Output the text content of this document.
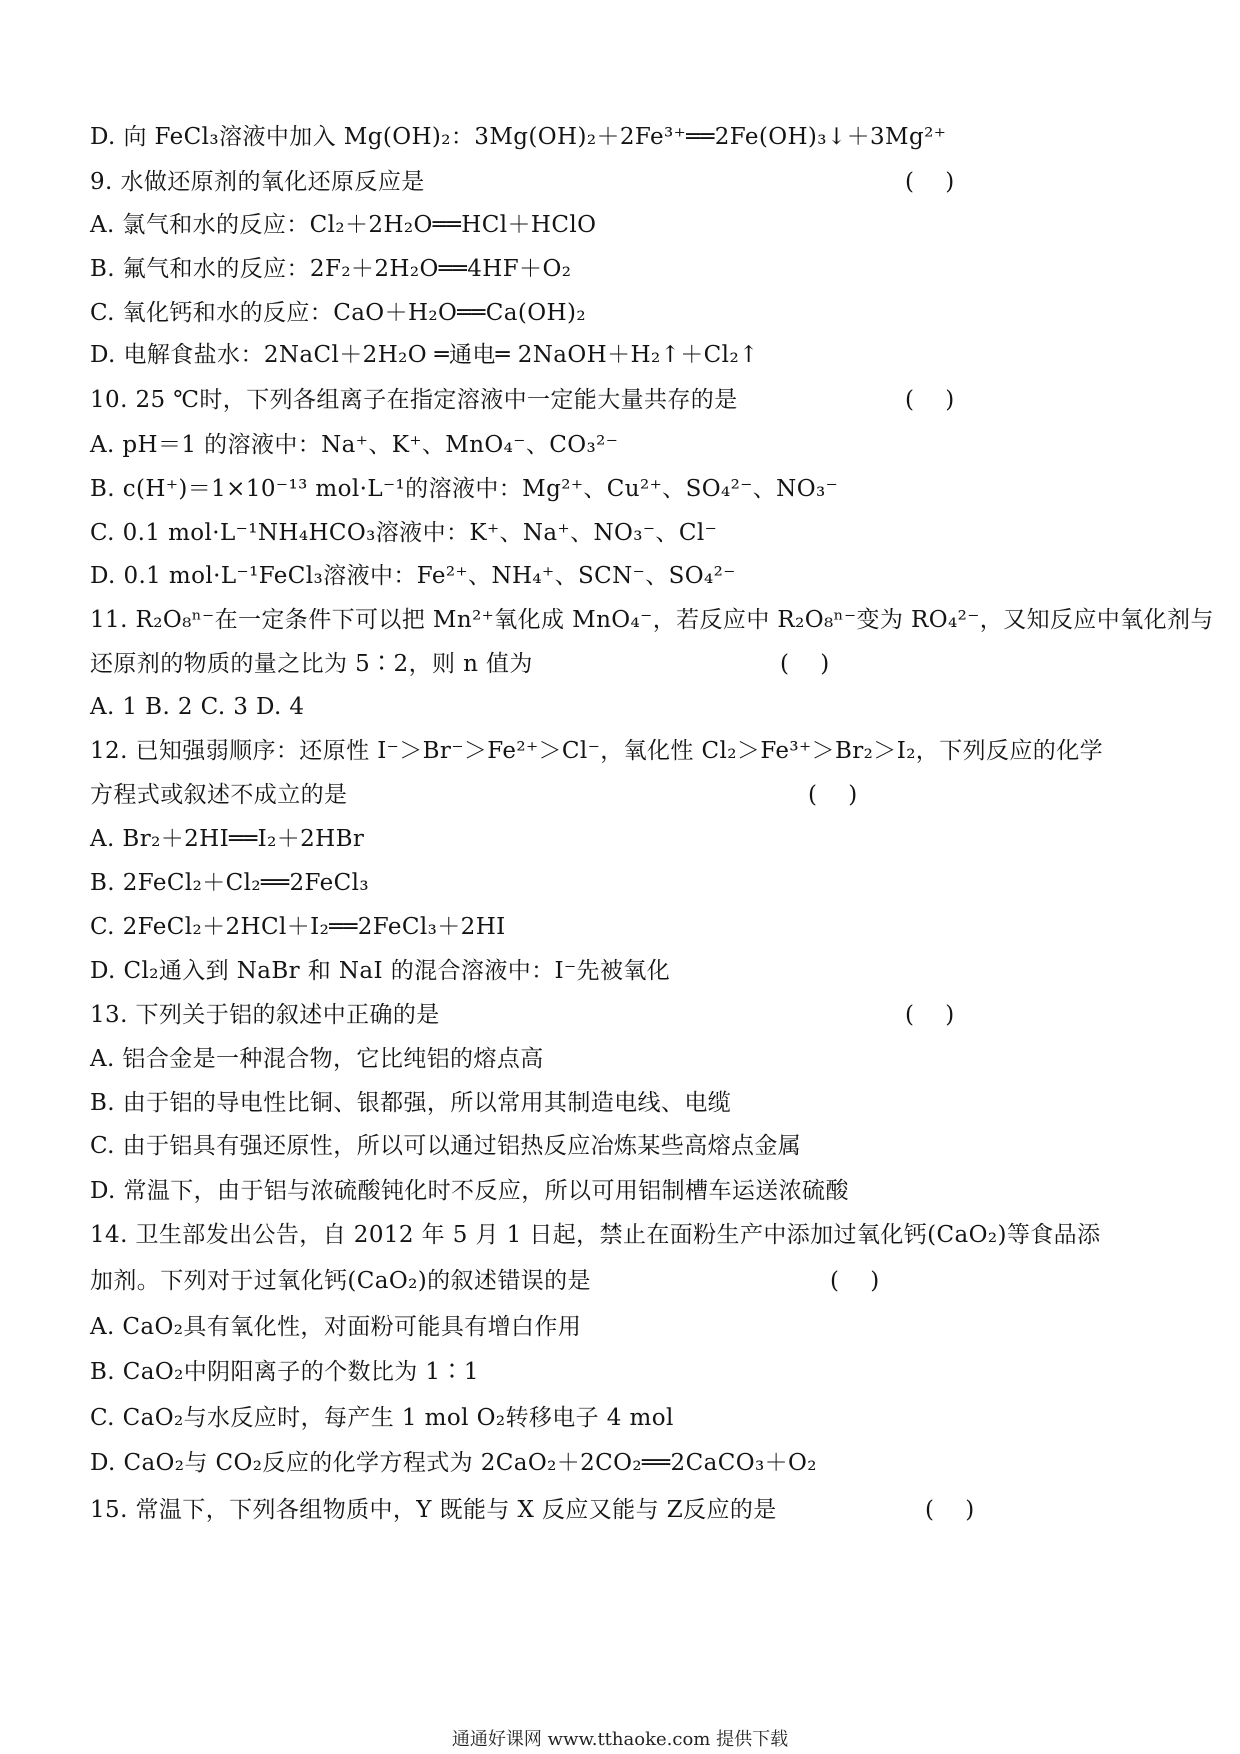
D. 向 FeCl₃溶液中加入 Mg(OH)₂：3Mg(OH)₂＋2Fe³⁺══2Fe(OH)₃↓＋3Mg²⁺
9. 水做还原剂的氧化还原反应是	(    )
A. 氯气和水的反应：Cl₂＋2H₂O══HCl＋HClO
B. 氟气和水的反应：2F₂＋2H₂O══4HF＋O₂
C. 氧化钙和水的反应：CaO＋H₂O══Ca(OH)₂
D. 电解食盐水：2NaCl＋2H₂O ═通电═ 2NaOH＋H₂↑＋Cl₂↑
10. 25 ℃时，下列各组离子在指定溶液中一定能大量共存的是	(    )
A. pH＝1 的溶液中：Na⁺、K⁺、MnO₄⁻、CO₃²⁻
B. c(H⁺)＝1×10⁻¹³ mol·L⁻¹的溶液中：Mg²⁺、Cu²⁺、SO₄²⁻、NO₃⁻
C. 0.1 mol·L⁻¹NH₄HCO₃溶液中：K⁺、Na⁺、NO₃⁻、Cl⁻
D. 0.1 mol·L⁻¹FeCl₃溶液中：Fe²⁺、NH₄⁺、SCN⁻、SO₄²⁻
11. R₂O₈ⁿ⁻在一定条件下可以把 Mn²⁺氧化成 MnO₄⁻，若反应中 R₂O₈ⁿ⁻变为 RO₄²⁻，又知反应中氧化剂与
还原剂的物质的量之比为 5∶2，则 n 值为	(    )
A. 1 B. 2 C. 3 D. 4
12. 已知强弱顺序：还原性 I⁻＞Br⁻＞Fe²⁺＞Cl⁻，氧化性 Cl₂＞Fe³⁺＞Br₂＞I₂，下列反应的化学
方程式或叙述不成立的是	(    )
A. Br₂＋2HI══I₂＋2HBr
B. 2FeCl₂＋Cl₂══2FeCl₃
C. 2FeCl₂＋2HCl＋I₂══2FeCl₃＋2HI
D. Cl₂通入到 NaBr 和 NaI 的混合溶液中：I⁻先被氧化
13. 下列关于铝的叙述中正确的是	(    )
A. 铝合金是一种混合物，它比纯铝的熔点高
B. 由于铝的导电性比铜、银都强，所以常用其制造电线、电缆
C. 由于铝具有强还原性，所以可以通过铝热反应冶炼某些高熔点金属
D. 常温下，由于铝与浓硫酸钝化时不反应，所以可用铝制槽车运送浓硫酸
14. 卫生部发出公告，自 2012 年 5 月 1 日起，禁止在面粉生产中添加过氧化钙(CaO₂)等食品添
加剂。下列对于过氧化钙(CaO₂)的叙述错误的是	(    )
A. CaO₂具有氧化性，对面粉可能具有增白作用
B. CaO₂中阴阳离子的个数比为 1∶1
C. CaO₂与水反应时，每产生 1 mol O₂转移电子 4 mol
D. CaO₂与 CO₂反应的化学方程式为 2CaO₂＋2CO₂══2CaCO₃＋O₂
15. 常温下，下列各组物质中，Y 既能与 X 反应又能与 Z反应的是	(    )
通通好课网 www.tthaoke.com 提供下载
